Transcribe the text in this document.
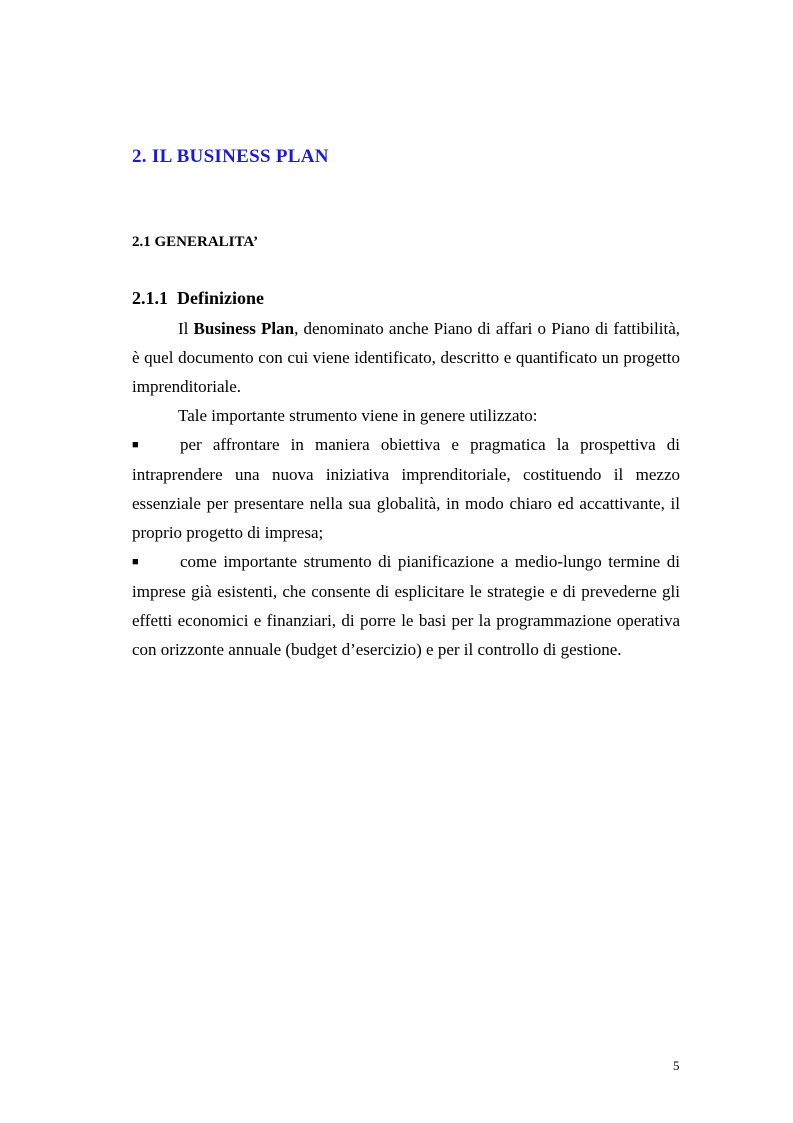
2. IL BUSINESS PLAN
2.1 GENERALITA’
2.1.1 Definizione

Il Business Plan, denominato anche Piano di affari o Piano di fattibilità, è quel documento con cui viene identificato, descritto e quantificato un progetto imprenditoriale.

Tale importante strumento viene in genere utilizzato:

■ per affrontare in maniera obiettiva e pragmatica la prospettiva di intraprendere una nuova iniziativa imprenditoriale, costituendo il mezzo essenziale per presentare nella sua globalità, in modo chiaro ed accattivante, il proprio progetto di impresa;
■ come importante strumento di pianificazione a medio-lungo termine di imprese già esistenti, che consente di esplicitare le strategie e di prevederne gli effetti economici e finanziari, di porre le basi per la programmazione operativa con orizzonte annuale (budget d’esercizio) e per il controllo di gestione.
5
